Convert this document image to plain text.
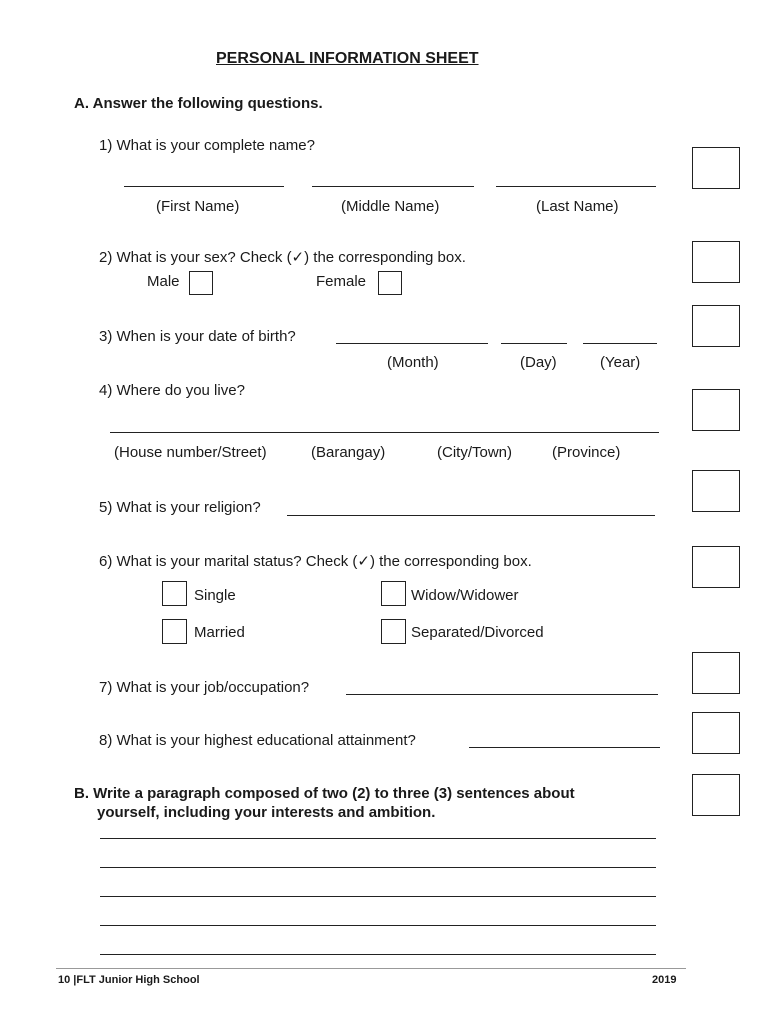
PERSONAL INFORMATION SHEET
A. Answer the following questions.
1) What is your complete name?
(First Name)	(Middle Name)	(Last Name)
2) What is your sex? Check (✓) the corresponding box.
Male	Female
3) When is your date of birth?
(Month)	(Day)	(Year)
4) Where do you live?
(House number/Street)	(Barangay)	(City/Town)	(Province)
5) What is your religion?
6) What is your marital status? Check (✓) the corresponding box.
Single	Widow/Widower
Married	Separated/Divorced
7) What is your job/occupation?
8) What is your highest educational attainment?
B. Write a paragraph composed of two (2) to three (3) sentences about
yourself, including your interests and ambition.
10 |FLT Junior High School	2019
